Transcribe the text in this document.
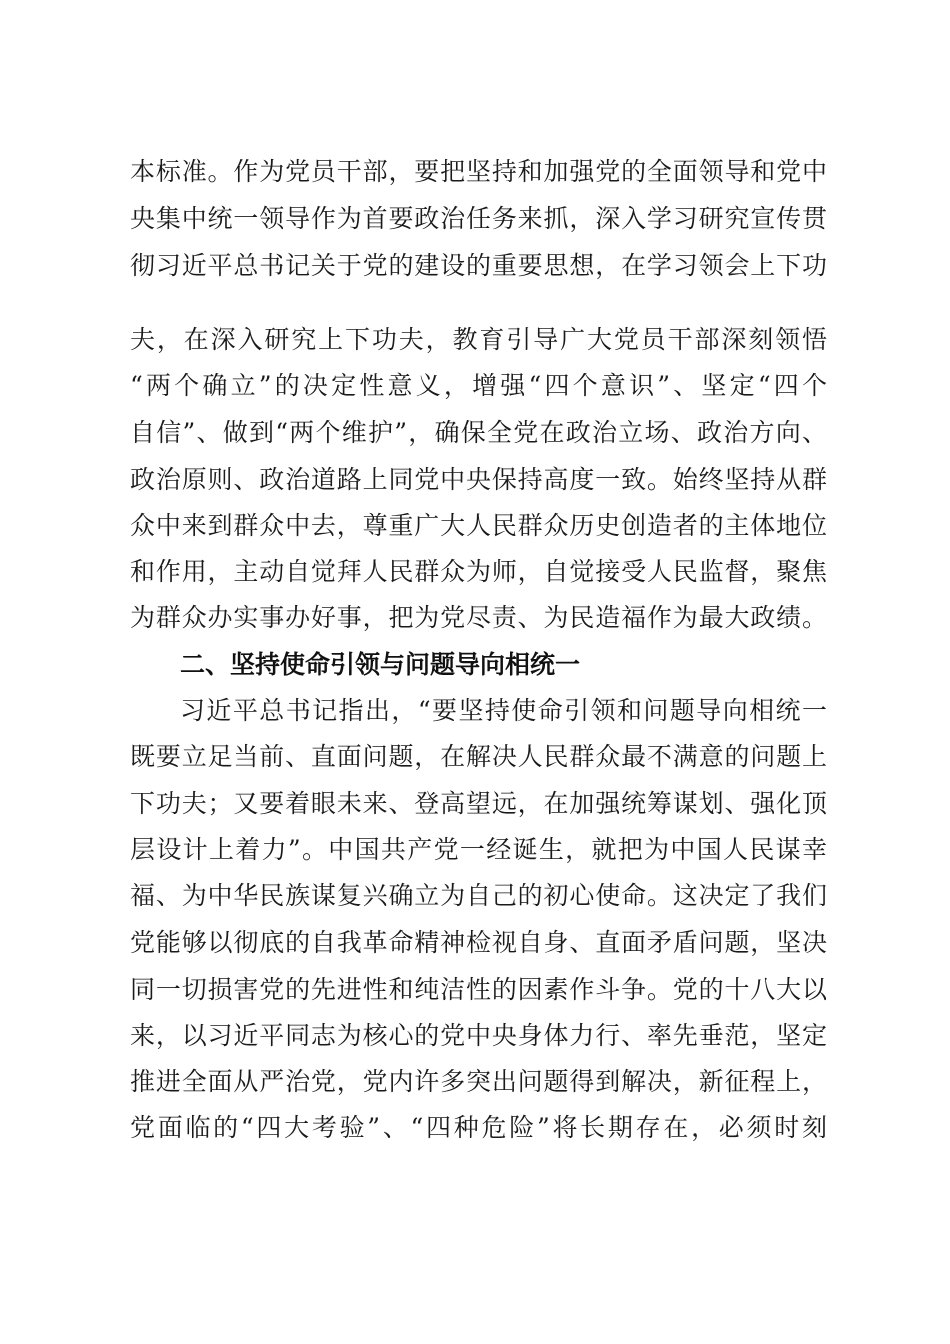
本标准。作为党员干部，要把坚持和加强党的全面领导和党中
央集中统一领导作为首要政治任务来抓，深入学习研究宣传贯
彻习近平总书记关于党的建设的重要思想，在学习领会上下功
夫，在深入研究上下功夫，教育引导广大党员干部深刻领悟
“两个确立”的决定性意义，增强“四个意识”、坚定“四个
自信”、做到“两个维护”，确保全党在政治立场、政治方向、
政治原则、政治道路上同党中央保持高度一致。始终坚持从群
众中来到群众中去，尊重广大人民群众历史创造者的主体地位
和作用，主动自觉拜人民群众为师，自觉接受人民监督，聚焦
为群众办实事办好事，把为党尽责、为民造福作为最大政绩。
二、坚持使命引领与问题导向相统一
习近平总书记指出，“要坚持使命引领和问题导向相统一
既要立足当前、直面问题，在解决人民群众最不满意的问题上
下功夫；又要着眼未来、登高望远，在加强统筹谋划、强化顶
层设计上着力”。中国共产党一经诞生，就把为中国人民谋幸
福、为中华民族谋复兴确立为自己的初心使命。这决定了我们
党能够以彻底的自我革命精神检视自身、直面矛盾问题，坚决
同一切损害党的先进性和纯洁性的因素作斗争。党的十八大以
来，以习近平同志为核心的党中央身体力行、率先垂范，坚定
推进全面从严治党，党内许多突出问题得到解决，新征程上，
党面临的“四大考验”、“四种危险”将长期存在，必须时刻
